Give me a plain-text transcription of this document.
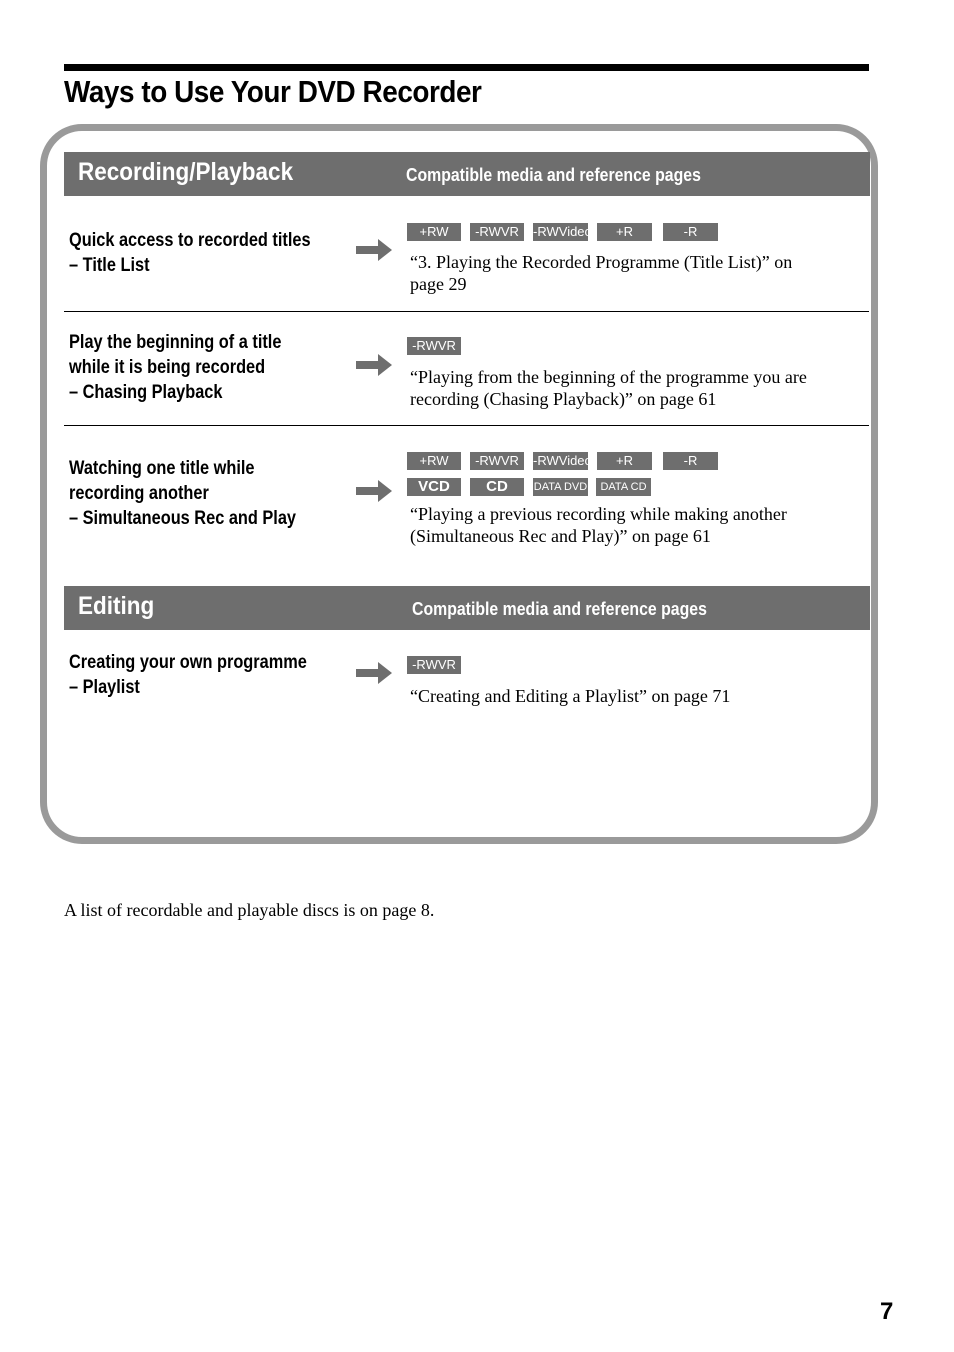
Ways to Use Your DVD Recorder
Recording/Playback	Compatible media and reference pages
Quick access to recorded titles
– Title List
+RW	-RWVR	-RWVideo	+R	-R
“3. Playing the Recorded Programme (Title List)” on
page 29
Play the beginning of a title
while it is being recorded
– Chasing Playback
-RWVR
“Playing from the beginning of the programme you are
recording (Chasing Playback)” on page 61
Watching one title while
recording another
– Simultaneous Rec and Play
+RW	-RWVR	-RWVideo	+R	-R
VCD	CD	DATA DVD	DATA CD
“Playing a previous recording while making another
(Simultaneous Rec and Play)” on page 61
Editing	Compatible media and reference pages
Creating your own programme
– Playlist
-RWVR
“Creating and Editing a Playlist” on page 71
A list of recordable and playable discs is on page 8.
7
